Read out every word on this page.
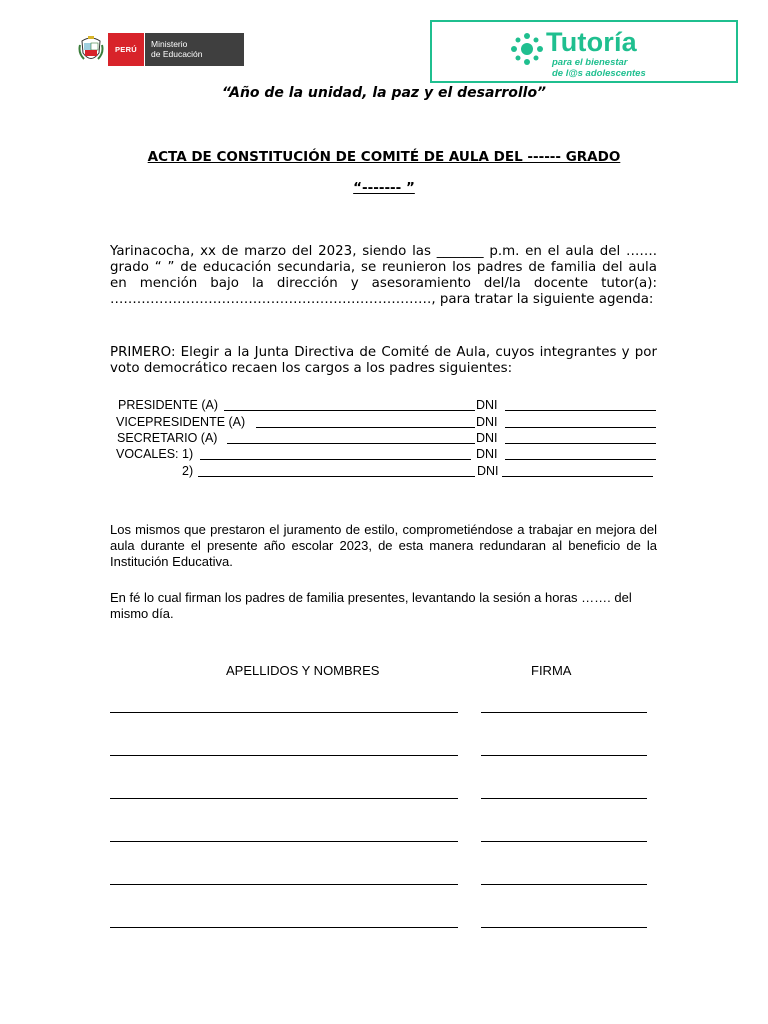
PERÚ
Ministerio
de Educación	Tutoría
para el bienestar
de l@s adolescentes
“Año de la unidad, la paz y el desarrollo”
ACTA DE CONSTITUCIÓN DE COMITÉ DE AULA DEL ------ GRADO
“------- ”
Yarinacocha, xx de marzo del 2023, siendo las _______ p.m. en el aula del ……. grado “ ” de educación secundaria, se reunieron los padres de familia del aula en mención bajo la dirección y asesoramiento del/la docente tutor(a): ………………………………………………………………, para tratar la siguiente agenda:
PRIMERO: Elegir a la Junta Directiva de Comité de Aula, cuyos integrantes y por voto democrático recaen los cargos a los padres siguientes:
PRESIDENTE (A)	DNI
VICEPRESIDENTE (A)	DNI
SECRETARIO (A)	DNI
VOCALES: 1)	DNI
2)	DNI
Los mismos que prestaron el juramento de estilo, comprometiéndose a trabajar en mejora del aula durante el presente año escolar 2023, de esta manera redundaran al beneficio de la Institución Educativa.
En fé lo cual firman los padres de familia presentes, levantando la sesión a horas ……. del mismo día.
APELLIDOS Y NOMBRES	FIRMA
